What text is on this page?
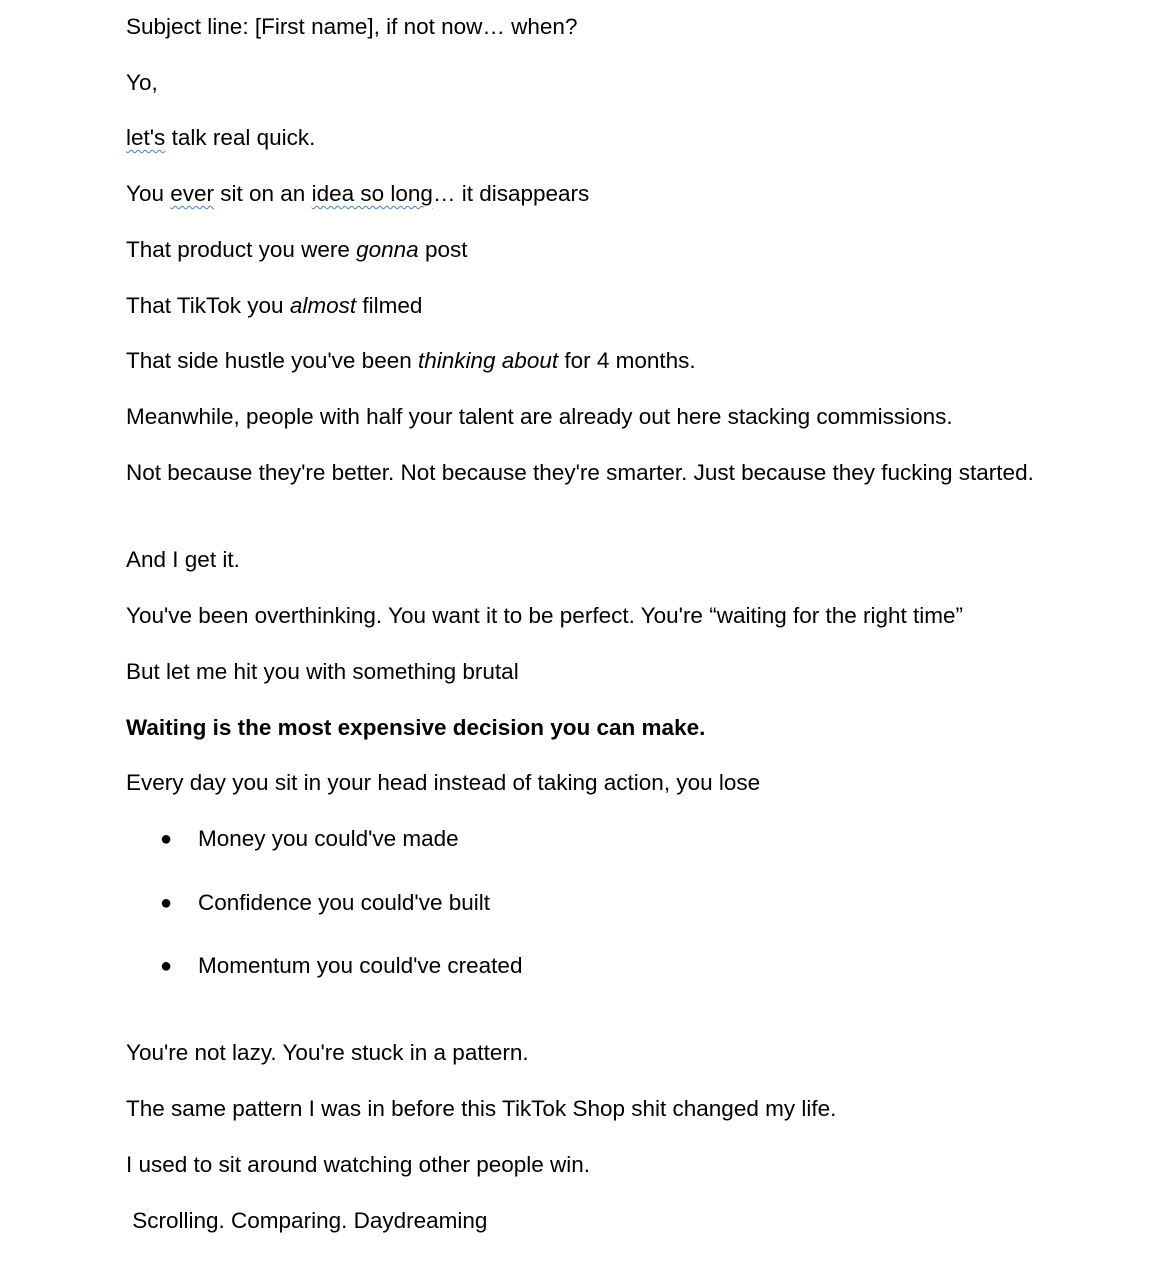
Subject line: [First name], if not now… when?

Yo,

let's talk real quick.

You ever sit on an idea so long… it disappears

That product you were gonna post

That TikTok you almost filmed

That side hustle you've been thinking about for 4 months.

Meanwhile, people with half your talent are already out here stacking commissions.

Not because they're better. Not because they're smarter. Just because they fucking started.

And I get it.

You've been overthinking. You want it to be perfect. You're “waiting for the right time”

But let me hit you with something brutal

Waiting is the most expensive decision you can make.

Every day you sit in your head instead of taking action, you lose

●	Money you could've made
●	Confidence you could've built
●	Momentum you could've created

You're not lazy. You're stuck in a pattern.

The same pattern I was in before this TikTok Shop shit changed my life.

I used to sit around watching other people win.

Scrolling. Comparing. Daydreaming
